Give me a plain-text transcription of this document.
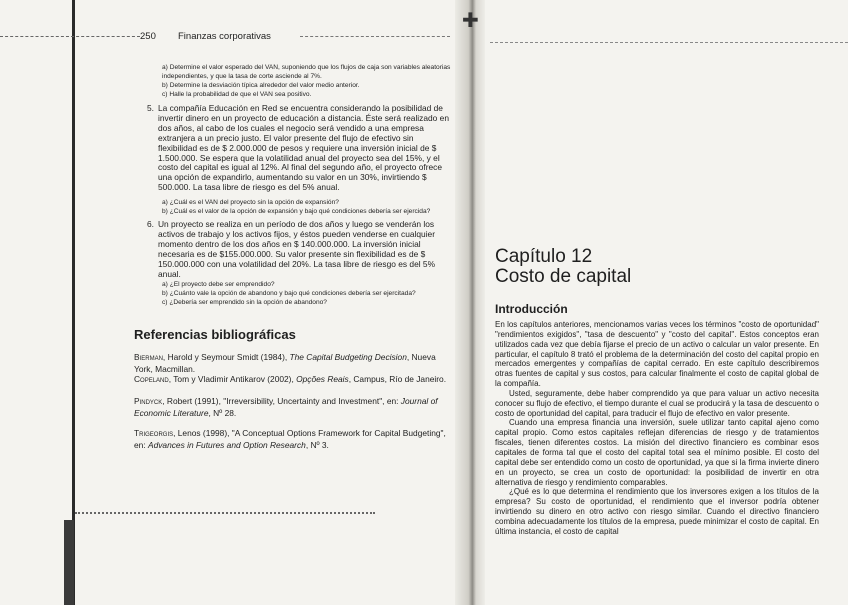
✚
250 Finanzas corporativas
a) Determine el valor esperado del VAN, suponiendo que los flujos de caja son variables aleatorias independientes, y que la tasa de corte asciende al 7%.
b) Determine la desviación típica alrededor del valor medio anterior.
c) Halle la probabilidad de que el VAN sea positivo.
5. La compañía Educación en Red se encuentra considerando la posibilidad de invertir dinero en un proyecto de educación a distancia. Éste será realizado en dos años, al cabo de los cuales el negocio será vendido a una empresa extranjera a un precio justo. El valor presente del flujo de efectivo sin flexibilidad es de $ 2.000.000 de pesos y requiere una inversión inicial de $ 1.500.000. Se espera que la volatilidad anual del proyecto sea del 15%, y el costo del capital es igual al 12%. Al final del segundo año, el proyecto ofrece una opción de expandirlo, aumentando su valor en un 30%, invirtiendo $ 500.000. La tasa libre de riesgo es del 5% anual.
a) ¿Cuál es el VAN del proyecto sin la opción de expansión?
b) ¿Cuál es el valor de la opción de expansión y bajo qué condiciones debería ser ejercida?
6. Un proyecto se realiza en un período de dos años y luego se venderán los activos de trabajo y los activos fijos, y éstos pueden venderse en cualquier momento dentro de los dos años en $ 140.000.000. La inversión inicial necesaria es de $155.000.000. Su valor presente sin flexibilidad es de $ 150.000.000 con una volatilidad del 20%. La tasa libre de riesgo es del 5% anual.
a) ¿El proyecto debe ser emprendido?
b) ¿Cuánto vale la opción de abandono y bajo qué condiciones debería ser ejercitada?
c) ¿Debería ser emprendido sin la opción de abandono?
Referencias bibliográficas
Bierman, Harold y Seymour Smidt (1984), The Capital Budgeting Decision, Nueva York, Macmillan.
Copeland, Tom y Vladimir Antikarov (2002), Opções Reais, Campus, Río de Janeiro.
Pindyck, Robert (1991), "Irreversibility, Uncertainty and Investment", en: Journal of Economic Literature, Nº 28.
Trigeorgis, Lenos (1998), "A Conceptual Options Framework for Capital Budgeting", en: Advances in Futures and Option Research, Nº 3.
Capítulo 12
Costo de capital
Introducción

En los capítulos anteriores, mencionamos varias veces los términos "costo de oportunidad" "rendimientos exigidos", "tasa de descuento" y "costo del capital". Estos conceptos eran utilizados cada vez que debía fijarse el precio de un activo o calcular un valor presente. En particular, el capítulo 8 trató el problema de la determinación del costo del capital propio en mercados emergentes y compañías de capital cerrado. En este capítulo describiremos otras fuentes de capital y sus costos, para calcular finalmente el costo de capital global de la compañía.

Usted, seguramente, debe haber comprendido ya que para valuar un activo necesita conocer su flujo de efectivo, el tiempo durante el cual se producirá y la tasa de descuento o costo de oportunidad del capital, para traducir el flujo de efectivo en valor presente.

Cuando una empresa financia una inversión, suele utilizar tanto capital ajeno como capital propio. Como estos capitales reflejan diferencias de riesgo y de tratamientos fiscales, tienen diferentes costos. La misión del directivo financiero es combinar esos capitales de forma tal que el costo del capital total sea el mínimo posible. El costo del capital debe ser entendido como un costo de oportunidad, ya que si la firma invierte dinero en un proyecto, se crea un costo de oportunidad: la posibilidad de invertir en otra alternativa de riesgo y rendimiento comparables.

¿Qué es lo que determina el rendimiento que los inversores exigen a los títulos de la empresa? Su costo de oportunidad, el rendimiento que el inversor podría obtener invirtiendo su dinero en otro activo con riesgo similar. Cuando el directivo financiero combina adecuadamente los títulos de la empresa, puede minimizar el costo de capital. En última instancia, el costo de capital
